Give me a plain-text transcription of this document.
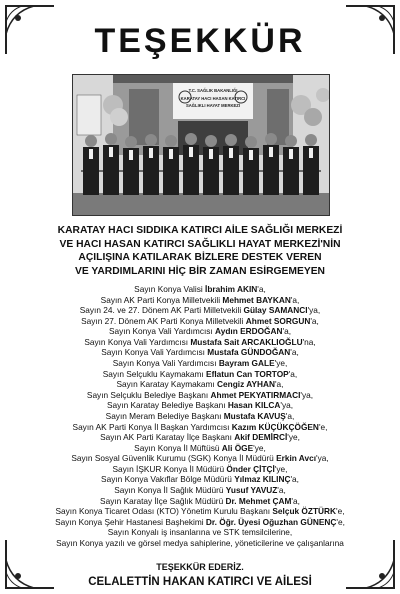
TEŞEKKÜR
T.C. SAĞLIK BAKANLIĞI
KARATAY HACI HASAN KATIRCI
SAĞLIKLI HAYAT MERKEZİ
KARATAY HACI SIDDIKA KATIRCI AİLE SAĞLIĞI MERKEZİ
VE HACI HASAN KATIRCI SAĞLIKLI HAYAT MERKEZİ'NİN
AÇILIŞINA KATILARAK BİZLERE DESTEK VEREN
VE YARDIMLARINI HİÇ BİR ZAMAN ESİRGEMEYEN
Sayın Konya Valisi İbrahim AKIN'a,
Sayın AK Parti Konya Milletvekili Mehmet BAYKAN'a,
Sayın 24. ve 27. Dönem AK Parti Milletvekili Gülay SAMANCI'ya,
Sayın 27. Dönem AK Parti Konya Milletvekili Ahmet SORGUN'a,
Sayın Konya Vali Yardımcısı Aydın ERDOĞAN'a,
Sayın Konya Vali Yardımcısı Mustafa Sait ARCAKLIOĞLU'na,
Sayın Konya Vali Yardımcısı Mustafa GÜNDOĞAN'a,
Sayın Konya Vali Yardımcısı Bayram GALE'ye,
Sayın Selçuklu Kaymakamı Eflatun Can TORTOP'a,
Sayın Karatay Kaymakamı Cengiz AYHAN'a,
Sayın Selçuklu Belediye Başkanı Ahmet PEKYATIRMACI'ya,
Sayın Karatay Belediye Başkanı Hasan KILCA'ya,
Sayın Meram Belediye Başkanı Mustafa KAVUŞ'a,
Sayın AK Parti Konya İl Başkan Yardımcısı Kazım KÜÇÜKÇÖĞEN'e,
Sayın AK Parti Karatay İlçe Başkanı Akif DEMİRCİ'ye,
Sayın Konya İl Müftüsü Ali ÖGE'ye,
Sayın Sosyal Güvenlik Kurumu (SGK) Konya İl Müdürü Erkin Avcı'ya,
Sayın İŞKUR Konya İl Müdürü Önder ÇİTÇİ'ye,
Sayın Konya Vakıflar Bölge Müdürü Yılmaz KILINÇ'a,
Sayın Konya İl Sağlık Müdürü Yusuf YAVUZ'a,
Sayın Karatay İlçe Sağlık Müdürü Dr. Mehmet ÇAM'a,
Sayın Konya Ticaret Odası (KTO) Yönetim Kurulu Başkanı Selçuk ÖZTÜRK'e,
Sayın Konya Şehir Hastanesi Başhekimi Dr. Öğr. Üyesi Oğuzhan GÜNENÇ'e,
Sayın Konyalı iş insanlarına ve STK temsilcilerine,
Sayın Konya yazılı ve görsel medya sahiplerine, yöneticilerine ve çalışanlarına
TEŞEKKÜR EDERİZ.
CELALETTİN HAKAN KATIRCI VE AİLESİ
